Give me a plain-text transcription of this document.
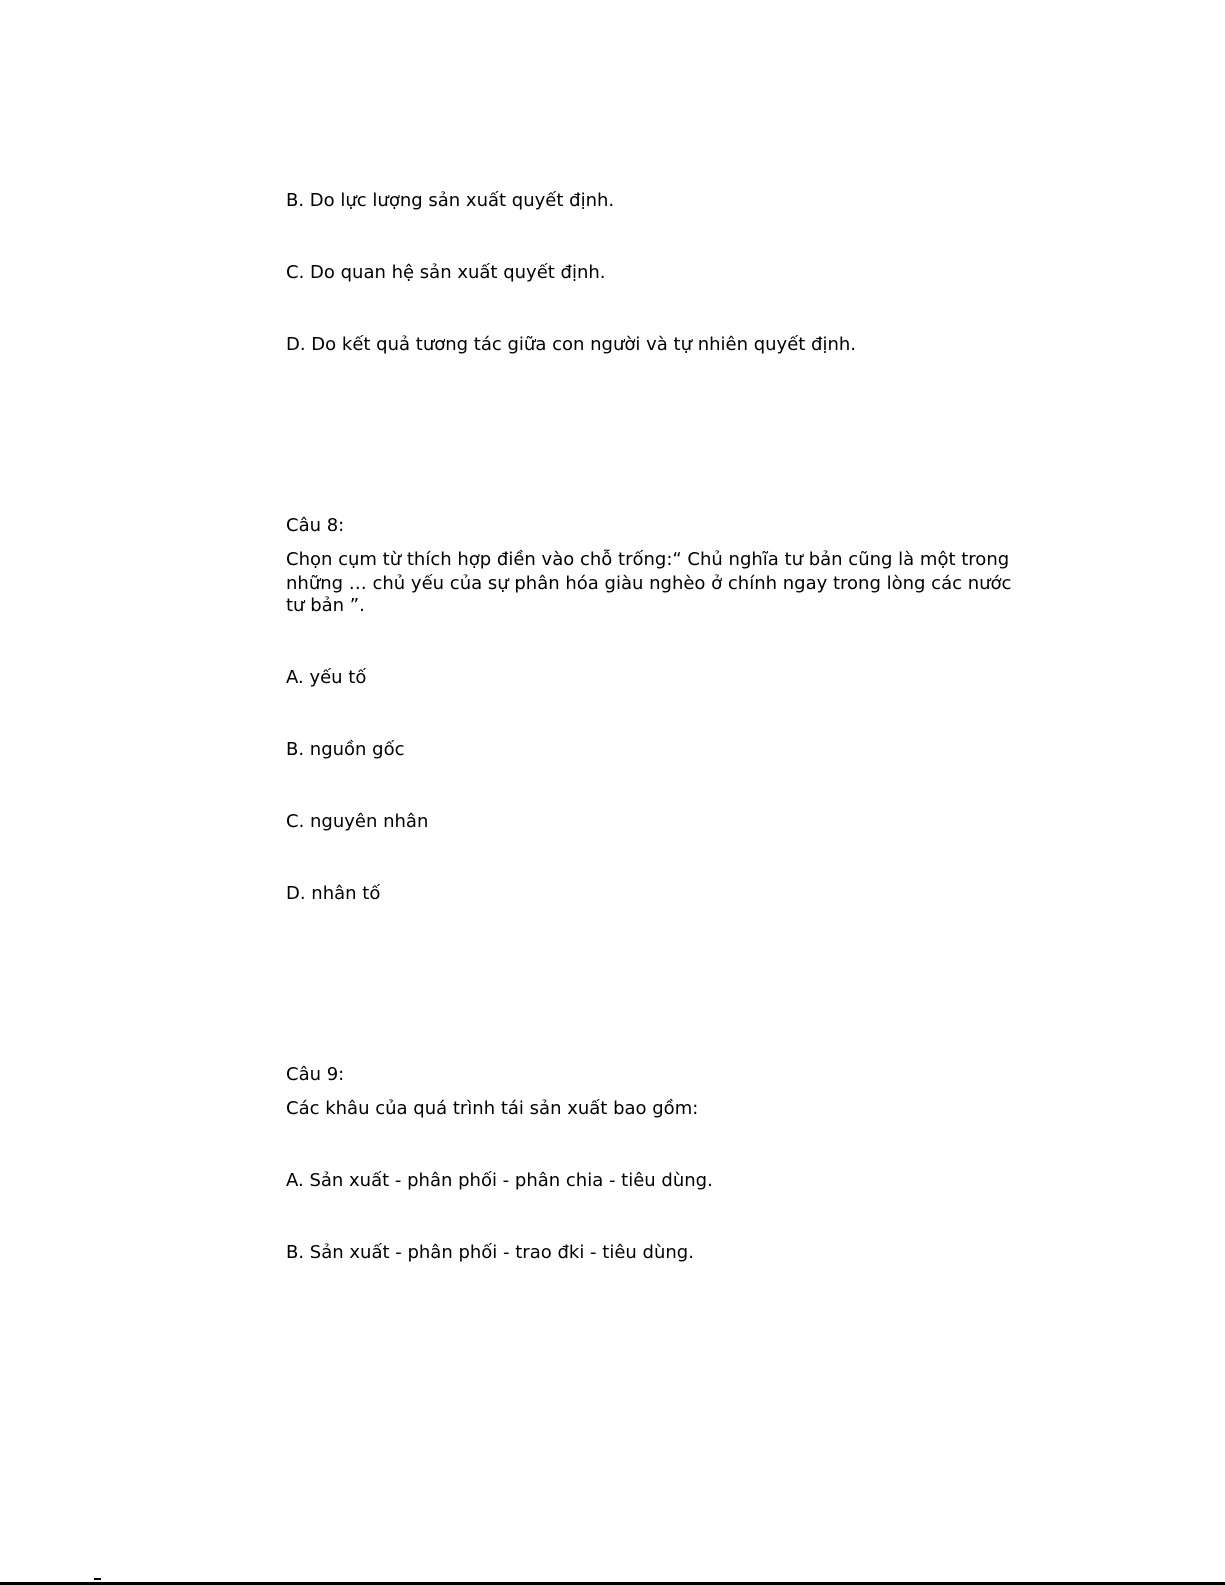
B. Do lực lượng sản xuất quyết định.
C. Do quan hệ sản xuất quyết định.
D. Do kết quả tương tác giữa con người và tự nhiên quyết định.
Câu 8:
Chọn cụm từ thích hợp điền vào chỗ trống:“ Chủ nghĩa tư bản cũng là một trong
những … chủ yếu của sự phân hóa giàu nghèo ở chính ngay trong lòng các nước
tư bản ”.
A. yếu tố
B. nguồn gốc
C. nguyên nhân
D. nhân tố
Câu 9:
Các khâu của quá trình tái sản xuất bao gồm:
A. Sản xuất - phân phối - phân chia - tiêu dùng.
B. Sản xuất - phân phối - trao đki - tiêu dùng.
